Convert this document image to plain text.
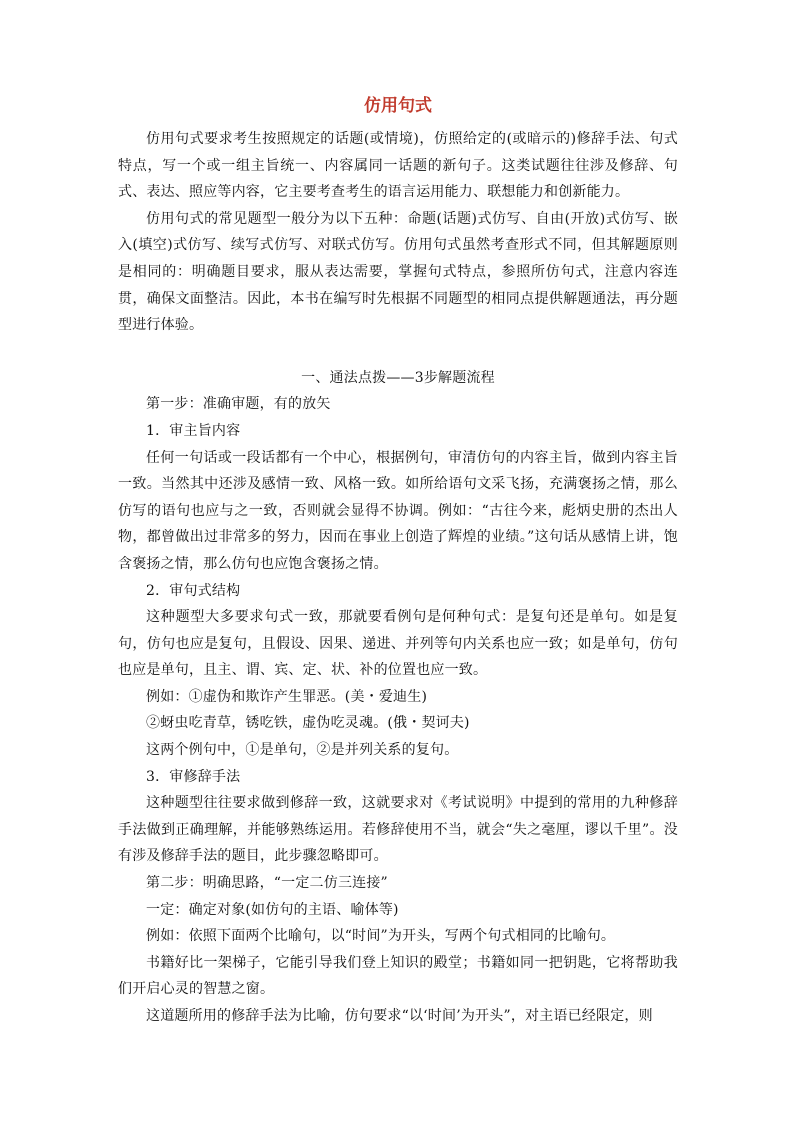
仿用句式

仿用句式要求考生按照规定的话题(或情境)，仿照给定的(或暗示的)修辞手法、句式特点，写一个或一组主旨统一、内容属同一话题的新句子。这类试题往往涉及修辞、句式、表达、照应等内容，它主要考查考生的语言运用能力、联想能力和创新能力。

仿用句式的常见题型一般分为以下五种：命题(话题)式仿写、自由(开放)式仿写、嵌入(填空)式仿写、续写式仿写、对联式仿写。仿用句式虽然考查形式不同，但其解题原则是相同的：明确题目要求，服从表达需要，掌握句式特点，参照所仿句式，注意内容连贯，确保文面整洁。因此，本书在编写时先根据不同题型的相同点提供解题通法，再分题型进行体验。

一、通法点拨——3步解题流程

第一步：准确审题，有的放矢

1．审主旨内容

任何一句话或一段话都有一个中心，根据例句，审清仿句的内容主旨，做到内容主旨一致。当然其中还涉及感情一致、风格一致。如所给语句文采飞扬，充满褒扬之情，那么仿写的语句也应与之一致，否则就会显得不协调。例如：“古往今来，彪炳史册的杰出人物，都曾做出过非常多的努力，因而在事业上创造了辉煌的业绩。”这句话从感情上讲，饱含褒扬之情，那么仿句也应饱含褒扬之情。

2．审句式结构

这种题型大多要求句式一致，那就要看例句是何种句式：是复句还是单句。如是复句，仿句也应是复句，且假设、因果、递进、并列等句内关系也应一致；如是单句，仿句也应是单句，且主、谓、宾、定、状、补的位置也应一致。

例如：①虚伪和欺诈产生罪恶。(美・爱迪生)

②蚜虫吃青草，锈吃铁，虚伪吃灵魂。(俄・契诃夫)

这两个例句中，①是单句，②是并列关系的复句。

3．审修辞手法

这种题型往往要求做到修辞一致，这就要求对《考试说明》中提到的常用的九种修辞手法做到正确理解，并能够熟练运用。若修辞使用不当，就会“失之毫厘，谬以千里”。没有涉及修辞手法的题目，此步骤忽略即可。

第二步：明确思路，“一定二仿三连接”

一定：确定对象(如仿句的主语、喻体等)

例如：依照下面两个比喻句，以“时间”为开头，写两个句式相同的比喻句。

书籍好比一架梯子，它能引导我们登上知识的殿堂；书籍如同一把钥匙，它将帮助我们开启心灵的智慧之窗。

这道题所用的修辞手法为比喻，仿句要求“以‘时间’为开头”，对主语已经限定，则
